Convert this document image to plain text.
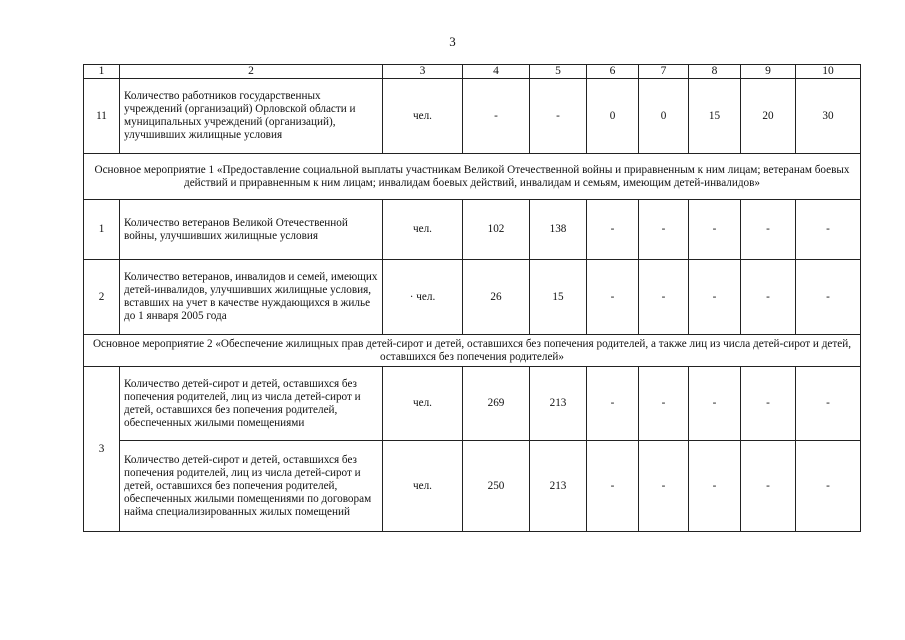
3
1	2	3	4	5	6	7	8	9	10
11	Количество работников государственных учреждений (организаций) Орловской области и муниципальных учреждений (организаций), улучшивших жилищные условия	чел.	-	-	0	0	15	20	30
Основное мероприятие 1 «Предоставление социальной выплаты участникам Великой Отечественной войны и приравненным к ним лицам; ветеранам боевых действий и приравненным к ним лицам; инвалидам боевых действий, инвалидам и семьям, имеющим детей-инвалидов»									
1	Количество ветеранов Великой Отечественной войны, улучшивших жилищные условия	чел.	102	138	-	-	-	-	-
2	Количество ветеранов, инвалидов и семей, имеющих детей-инвалидов, улучшивших жилищные условия, вставших на учет в качестве нуждающихся в жилье до 1 января 2005 года	· чел.	26	15	-	-	-	-	-
Основное мероприятие 2 «Обеспечение жилищных прав детей-сирот и детей, оставшихся без попечения родителей, а также лиц из числа детей-сирот и детей, оставшихся без попечения родителей»									
3	Количество детей-сирот и детей, оставшихся без попечения родителей, лиц из числа детей-сирот и детей, оставшихся без попечения родителей, обеспеченных жилыми помещениями	чел.	269	213	-	-	-	-	-
	Количество детей-сирот и детей, оставшихся без попечения родителей, лиц из числа детей-сирот и детей, оставшихся без попечения родителей, обеспеченных жилыми помещениями по договорам найма специализированных жилых помещений	чел.	250	213	-	-	-	-	-
